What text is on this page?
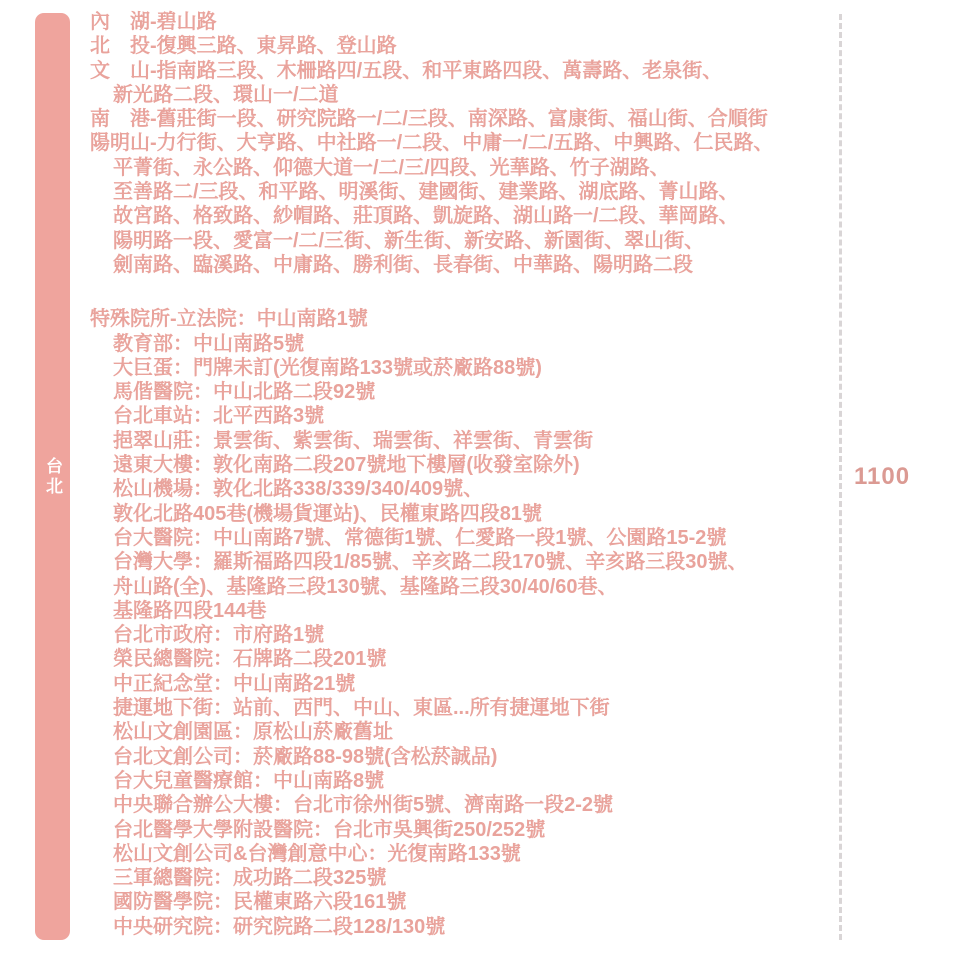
台北
內　湖-碧山路
北　投-復興三路、東昇路、登山路
文　山-指南路三段、木柵路四/五段、和平東路四段、萬壽路、老泉街、
新光路二段、環山一/二道
南　港-舊莊街一段、研究院路一/二/三段、南深路、富康街、福山街、合順街
陽明山-力行街、大亨路、中社路一/二段、中庸一/二/五路、中興路、仁民路、
平菁街、永公路、仰德大道一/二/三/四段、光華路、竹子湖路、
至善路二/三段、和平路、明溪街、建國街、建業路、湖底路、菁山路、
故宮路、格致路、紗帽路、莊頂路、凱旋路、湖山路一/二段、華岡路、
陽明路一段、愛富一/二/三街、新生街、新安路、新園街、翠山街、
劍南路、臨溪路、中庸路、勝利街、長春街、中華路、陽明路二段
特殊院所-立法院：中山南路1號
教育部：中山南路5號
大巨蛋：門牌未訂(光復南路133號或菸廠路88號)
馬偕醫院：中山北路二段92號
台北車站：北平西路3號
挹翠山莊：景雲街、紫雲街、瑞雲街、祥雲街、青雲街
遠東大樓：敦化南路二段207號地下樓層(收發室除外)
松山機場：敦化北路338/339/340/409號、
敦化北路405巷(機場貨運站)、民權東路四段81號
台大醫院：中山南路7號、常德街1號、仁愛路一段1號、公園路15-2號
台灣大學：羅斯福路四段1/85號、辛亥路二段170號、辛亥路三段30號、
舟山路(全)、基隆路三段130號、基隆路三段30/40/60巷、
基隆路四段144巷
台北市政府：市府路1號
榮民總醫院：石牌路二段201號
中正紀念堂：中山南路21號
捷運地下街：站前、西門、中山、東區...所有捷運地下街
松山文創園區：原松山菸廠舊址
台北文創公司：菸廠路88-98號(含松菸誠品)
台大兒童醫療館：中山南路8號
中央聯合辦公大樓：台北市徐州街5號、濟南路一段2-2號
台北醫學大學附設醫院：台北市吳興街250/252號
松山文創公司&台灣創意中心：光復南路133號
三軍總醫院：成功路二段325號
國防醫學院：民權東路六段161號
中央研究院：研究院路二段128/130號
1100
